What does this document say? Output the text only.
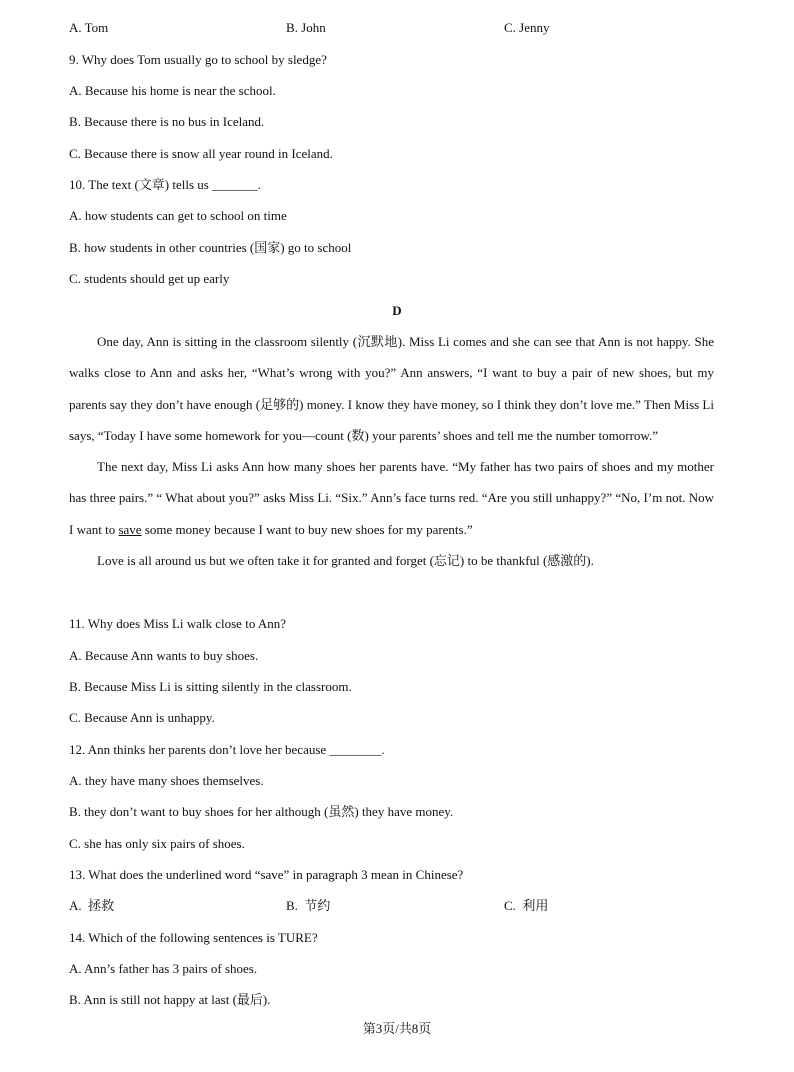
A. Tom	B. John	C. Jenny
9. Why does Tom usually go to school by sledge?
A. Because his home is near the school.
B. Because there is no bus in Iceland.
C. Because there is snow all year round in Iceland.
10. The text (文章) tells us _______.
A. how students can get to school on time
B. how students in other countries (国家) go to school
C. students should get up early
D

One day, Ann is sitting in the classroom silently (沉默地). Miss Li comes and she can see that Ann is not happy. She walks close to Ann and asks her, “What’s wrong with you?” Ann answers, “I want to buy a pair of new shoes, but my parents say they don’t have enough (足够的) money. I know they have money, so I think they don’t love me.” Then Miss Li says, “Today I have some homework for you—count (数) your parents’ shoes and tell me the number tomorrow.”

The next day, Miss Li asks Ann how many shoes her parents have. “My father has two pairs of shoes and my mother has three pairs.” “ What about you?” asks Miss Li. “Six.” Ann’s face turns red. “Are you still unhappy?” “No, I’m not. Now I want to save some money because I want to buy new shoes for my parents.”

Love is all around us but we often take it for granted and forget (忘记) to be thankful (感激的).

11. Why does Miss Li walk close to Ann?
A. Because Ann wants to buy shoes.
B. Because Miss Li is sitting silently in the classroom.
C. Because Ann is unhappy.
12. Ann thinks her parents don’t love her because ________.
A. they have many shoes themselves.
B. they don’t want to buy shoes for her although (虽然) they have money.
C. she has only six pairs of shoes.
13. What does the underlined word “save” in paragraph 3 mean in Chinese?
A.  拯救	B.  节约	C.  利用
14. Which of the following sentences is TURE?
A. Ann’s father has 3 pairs of shoes.
B. Ann is still not happy at last (最后).
第3页/共8页
